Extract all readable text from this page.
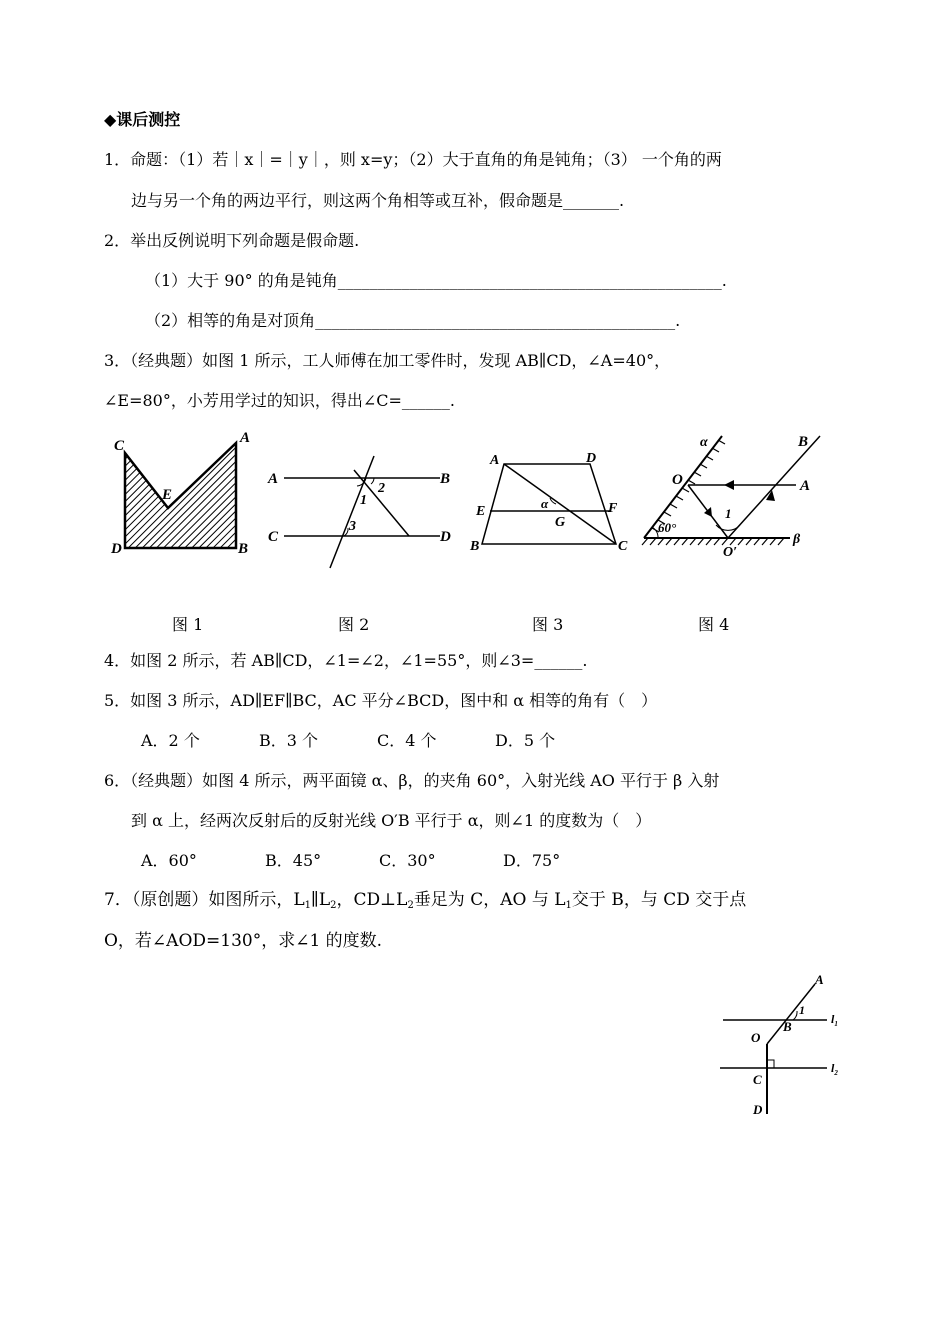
◆课后测控
1．命题：（1）若｜x｜=｜y｜，则 x=y；（2）大于直角的角是钝角；（3） 一个角的两
边与另一个角的两边平行，则这两个角相等或互补，假命题是_______.
2．举出反例说明下列命题是假命题.
（1）大于 90° 的角是钝角________________________________________________.
（2）相等的角是对顶角_____________________________________________.
3．（经典题）如图 1 所示，工人师傅在加工零件时，发现 AB∥CD，∠A=40°，
∠E=80°，小芳用学过的知识，得出∠C=______.
C	A
E
D	B
A	B
C	D
1
2
3
A	D
E	F
G
α
B	C
α	B
O	A
1
60°
O′
β
图 1	图 2	图 3	图 4
4．如图 2 所示，若 AB∥CD，∠1=∠2，∠1=55°，则∠3=______.
5．如图 3 所示，AD∥EF∥BC，AC 平分∠BCD，图中和 α 相等的角有（　）
A．2 个	B．3 个	C．4 个	D．5 个
6．（经典题）如图 4 所示，两平面镜 α、β，的夹角 60°，入射光线 AO 平行于 β 入射
到 α 上，经两次反射后的反射光线 O′B 平行于 α，则∠1 的度数为（　）
A．60°	B．45°	C．30°	D．75°
7．（原创题）如图所示，$L_1\parallel L_2$，$CD\perp L_2$垂足为 C，AO 与 $L_1$交于 B，与 CD 交于点
O，若∠AOD=130°，求∠1 的度数.
A
1
B	$l_1$
O
C
$l_2$
D
